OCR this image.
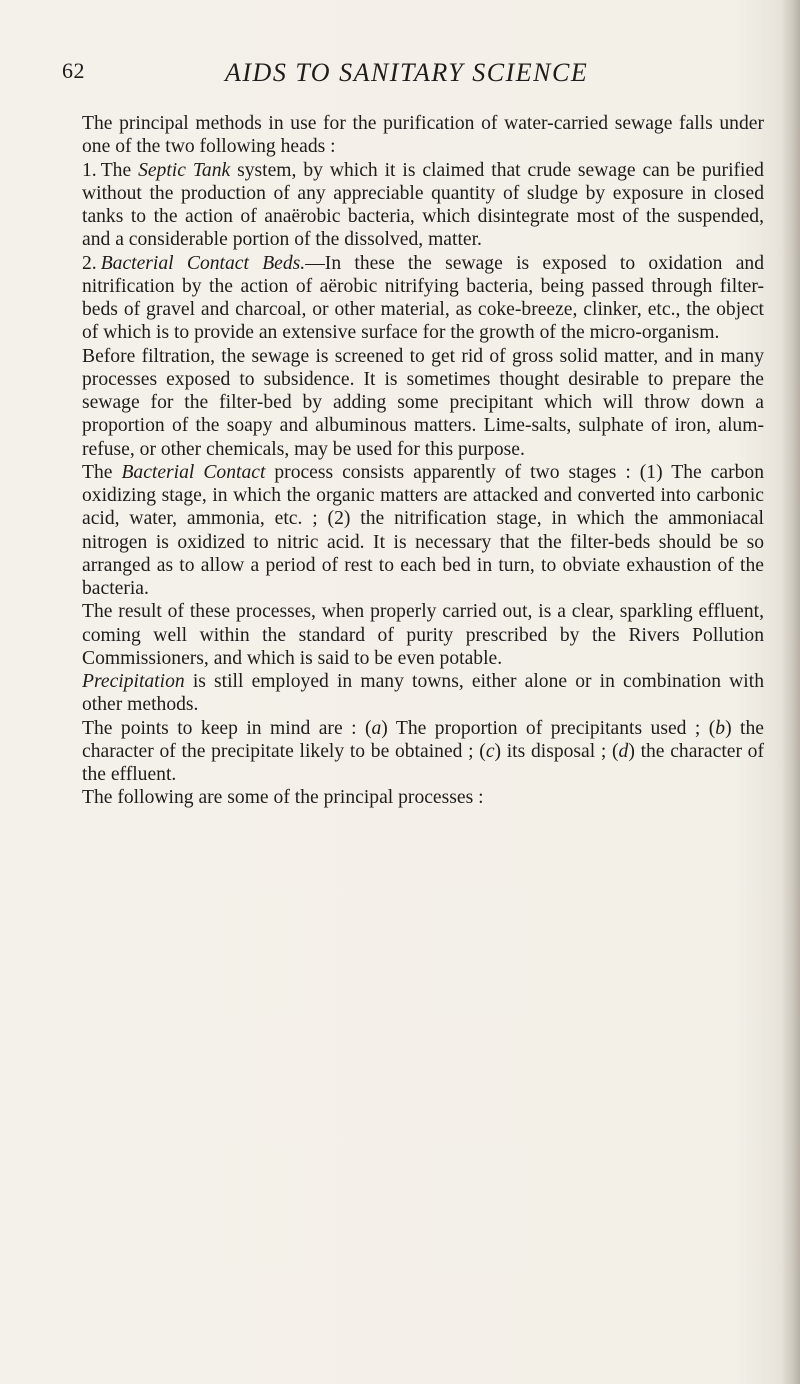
62	AIDS TO SANITARY SCIENCE

The principal methods in use for the purification of water-carried sewage falls under one of the two following heads :

1. The Septic Tank system, by which it is claimed that crude sewage can be purified without the production of any appreciable quantity of sludge by exposure in closed tanks to the action of anaërobic bacteria, which disintegrate most of the suspended, and a considerable portion of the dissolved, matter.

2. Bacterial Contact Beds.—In these the sewage is exposed to oxidation and nitrification by the action of aërobic nitrifying bacteria, being passed through filter-beds of gravel and charcoal, or other material, as coke-breeze, clinker, etc., the object of which is to provide an extensive surface for the growth of the micro-organism.

Before filtration, the sewage is screened to get rid of gross solid matter, and in many processes exposed to subsidence. It is sometimes thought desirable to prepare the sewage for the filter-bed by adding some precipitant which will throw down a proportion of the soapy and albuminous matters. Lime-salts, sulphate of iron, alum-refuse, or other chemicals, may be used for this purpose.

The Bacterial Contact process consists apparently of two stages : (1) The carbon oxidizing stage, in which the organic matters are attacked and converted into carbonic acid, water, ammonia, etc. ; (2) the nitrification stage, in which the ammoniacal nitrogen is oxidized to nitric acid. It is necessary that the filter-beds should be so arranged as to allow a period of rest to each bed in turn, to obviate exhaustion of the bacteria.

The result of these processes, when properly carried out, is a clear, sparkling effluent, coming well within the standard of purity prescribed by the Rivers Pollution Commissioners, and which is said to be even potable.

Precipitation is still employed in many towns, either alone or in combination with other methods.

The points to keep in mind are : (a) The proportion of precipitants used ; (b) the character of the precipitate likely to be obtained ; (c) its disposal ; (d) the character of the effluent.

The following are some of the principal processes :
